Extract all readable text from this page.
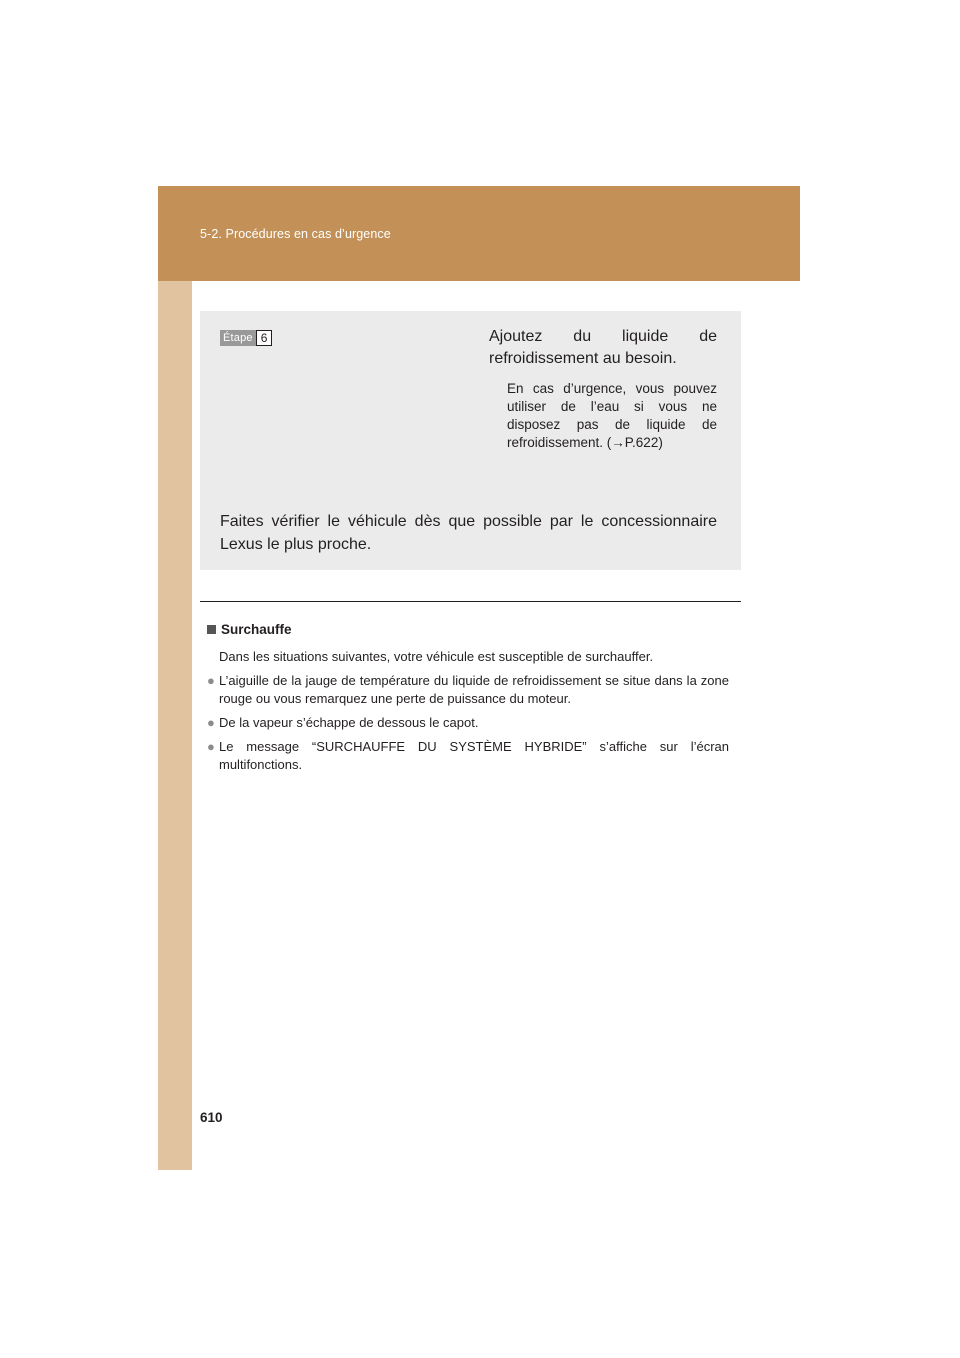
5-2. Procédures en cas d’urgence
Étape 6	Ajoutez du liquide de refroidissement au besoin.
En cas d’urgence, vous pouvez utiliser de l’eau si vous ne disposez pas de liquide de refroidissement. (→P.622)
Faites vérifier le véhicule dès que possible par le concessionnaire Lexus le plus proche.
Surchauffe
Dans les situations suivantes, votre véhicule est susceptible de surchauffer.
● L’aiguille de la jauge de température du liquide de refroidissement se situe dans la zone rouge ou vous remarquez une perte de puissance du moteur.
● De la vapeur s’échappe de dessous le capot.
● Le message “SURCHAUFFE DU SYSTÈME HYBRIDE” s’affiche sur l’écran multifonctions.
610
